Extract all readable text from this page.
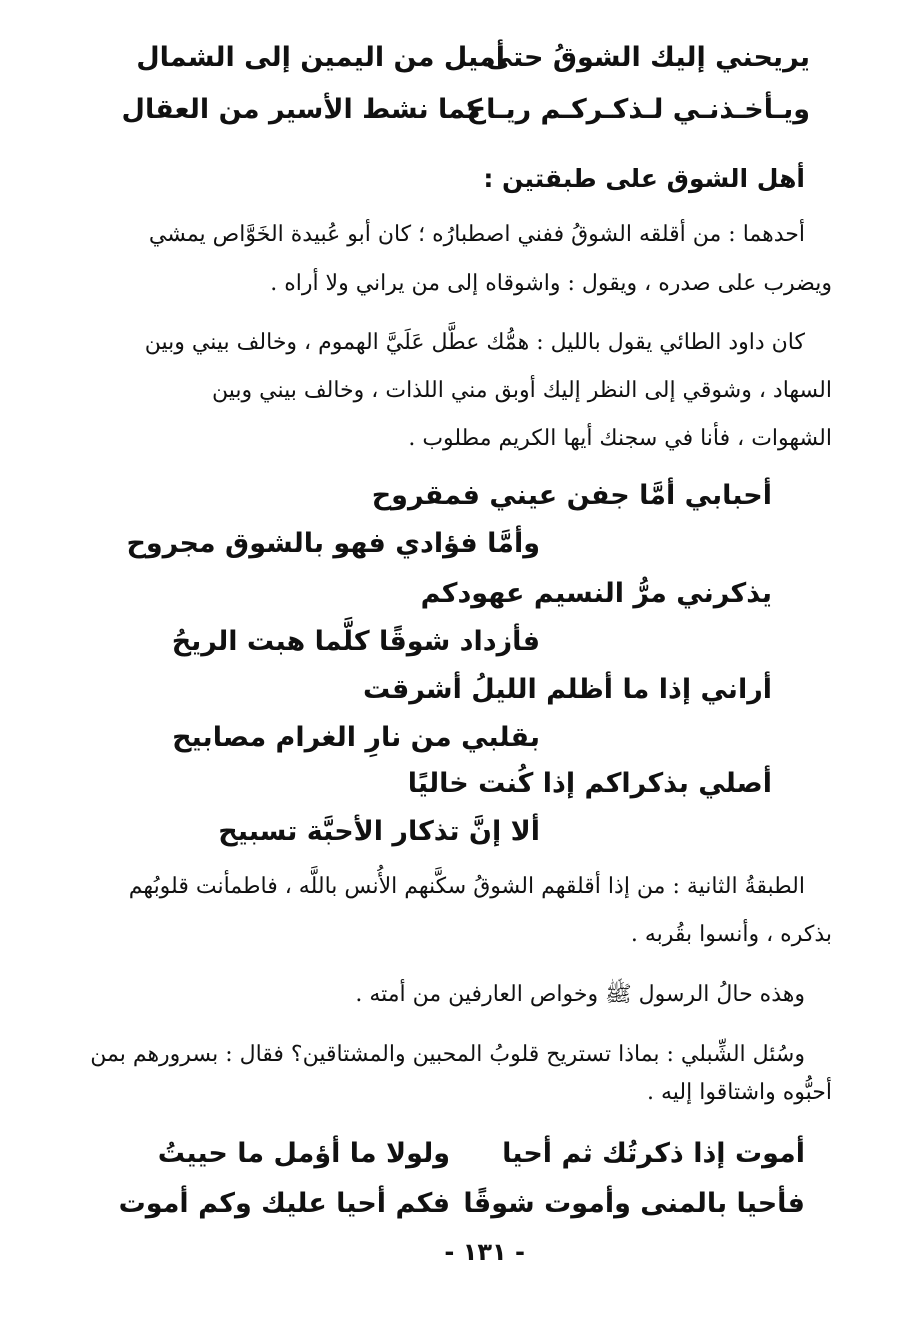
يريحني إليك الشوقُ حتى
أميل من اليمين إلى الشمال
ويـأخـذنـي لـذكـركـم ريـاح
كما نشط الأسير من العقال
أهل الشوق على طبقتين :
أحدهما : من أقلقه الشوقُ ففني اصطبارُه ؛ كان أبو عُبيدة الخَوَّاص يمشي
ويضرب على صدره ، ويقول : واشوقاه إلى من يراني ولا أراه .
كان داود الطائي يقول بالليل : همُّك عطَّل عَلَيَّ الهموم ، وخالف بيني وبين
السهاد ، وشوقي إلى النظر إليك أوبق مني اللذات ، وخالف بيني وبين
الشهوات ، فأنا في سجنك أيها الكريم مطلوب .
أحبابي أمَّا جفن عيني فمقروح
وأمَّا فؤادي فهو بالشوق مجروح
يذكرني مرُّ النسيم عهودكم
فأزداد شوقًا كلَّما هبت الريحُ
أراني إذا ما أظلم الليلُ أشرقت
بقلبي من نارِ الغرام مصابيح
أصلي بذكراكم إذا كُنت خاليًا
ألا إنَّ تذكار الأحبَّة تسبيح
الطبقةُ الثانية : من إذا أقلقهم الشوقُ سكَّنهم الأُنس باللَّه ، فاطمأنت قلوبُهم
بذكره ، وأنسوا بقُربه .
وهذه حالُ الرسول ﷺ وخواص العارفين من أمته .
وسُئل الشِّبلي : بماذا تستريح قلوبُ المحبين والمشتاقين؟ فقال : بسرورهم بمن
أحبُّوه واشتاقوا إليه .
أموت إذا ذكرتُك ثم أحيا
ولولا ما أؤمل ما حييتُ
فأحيا بالمنى وأموت شوقًا
فكم أحيا عليك وكم أموت
- ١٣١ -
